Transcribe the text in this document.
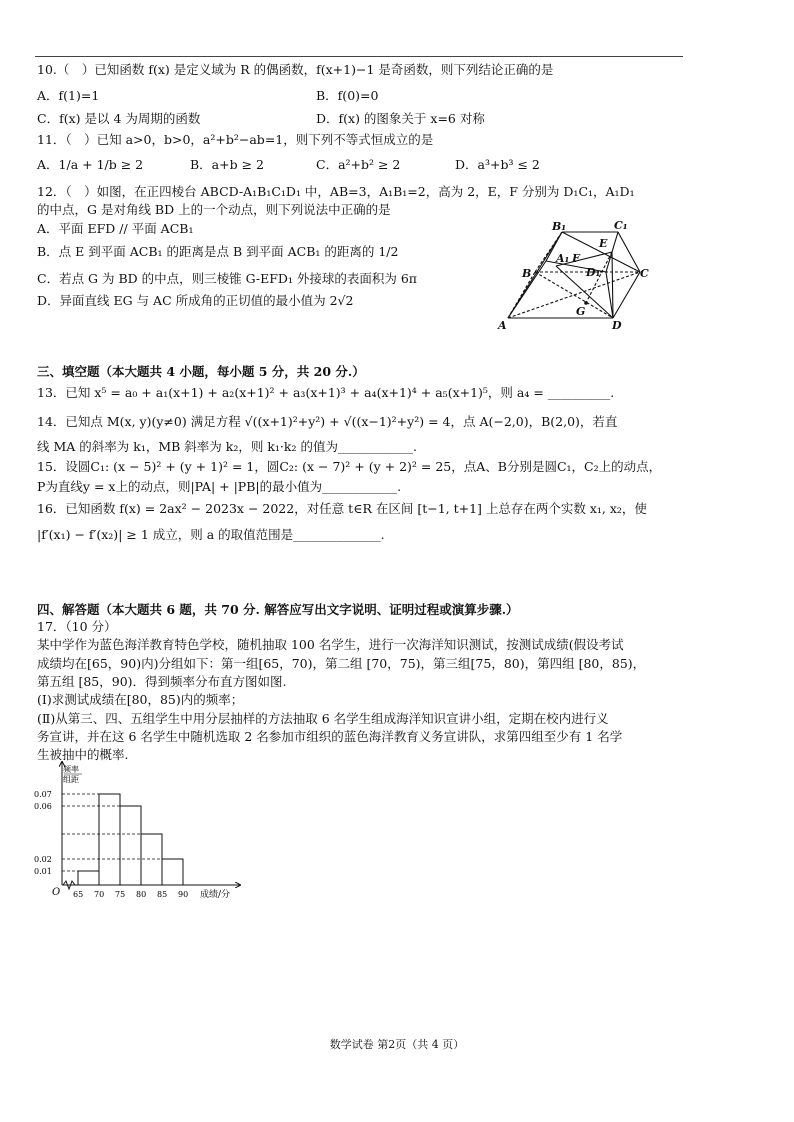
10.（　）已知函数 f(x) 是定义域为 R 的偶函数，f(x+1)−1 是奇函数，则下列结论正确的是
A．f(1)=1	B．f(0)=0
C．f(x) 是以 4 为周期的函数	D．f(x) 的图象关于 x=6 对称
11．（　）已知 a>0，b>0，a²+b²−ab=1，则下列不等式恒成立的是
A．1/a + 1/b ≥ 2	B．a+b ≥ 2	C．a²+b² ≥ 2	D．a³+b³ ≤ 2
12．（　）如图，在正四棱台 ABCD-A₁B₁C₁D₁ 中，AB=3，A₁B₁=2，高为 2，E，F 分别为 D₁C₁，A₁D₁
的中点，G 是对角线 BD 上的一个动点，则下列说法中正确的是
A．平面 EFD // 平面 ACB₁
B．点 E 到平面 ACB₁ 的距离是点 B 到平面 ACB₁ 的距离的 1/2
C．若点 G 为 BD 的中点，则三棱锥 G-EFD₁ 外接球的表面积为 6π
D．异面直线 EG 与 AC 所成角的正切值的最小值为 2√2
B₁	C₁
E
A₁ F
D₁
B	C
G
A	D
三、填空题（本大题共 4 小题，每小题 5 分，共 20 分.）
13．已知 x⁵ = a₀ + a₁(x+1) + a₂(x+1)² + a₃(x+1)³ + a₄(x+1)⁴ + a₅(x+1)⁵，则 a₄ = __________.
14．已知点 M(x, y)(y≠0) 满足方程 √((x+1)²+y²) + √((x−1)²+y²) = 4，点 A(−2,0)，B(2,0)，若直
线 MA 的斜率为 k₁，MB 斜率为 k₂，则 k₁·k₂ 的值为____________.
15．设圆C₁: (x − 5)² + (y + 1)² = 1，圆C₂: (x − 7)² + (y + 2)² = 25，点A、B分别是圆C₁，C₂上的动点，
P为直线y = x上的动点，则|PA| + |PB|的最小值为____________.
16．已知函数 f(x) = 2ax² − 2023x − 2022，对任意 t∈R 在区间 [t−1, t+1] 上总存在两个实数 x₁, x₂，使
|f′(x₁) − f′(x₂)| ≥ 1 成立，则 a 的取值范围是______________.
四、解答题（本大题共 6 题，共 70 分. 解答应写出文字说明、证明过程或演算步骤.）
17．（10 分）
某中学作为蓝色海洋教育特色学校，随机抽取 100 名学生，进行一次海洋知识测试，按测试成绩(假设考试
成绩均在[65，90)内)分组如下：第一组[65，70)，第二组 [70，75)，第三组[75，80)，第四组 [80，85)，
第五组 [85，90)．得到频率分布直方图如图.
(Ⅰ)求测试成绩在[80，85)内的频率；
(Ⅱ)从第三、四、五组学生中用分层抽样的方法抽取 6 名学生组成海洋知识宣讲小组，定期在校内进行义
务宣讲，并在这 6 名学生中随机选取 2 名参加市组织的蓝色海洋教育义务宣讲队，求第四组至少有 1 名学
生被抽中的概率.
频率
组距
O	成绩/分
0.01
0.02
0.06
0.07
65 70 75 80 85 90
数学试卷 第2页（共 4 页）
